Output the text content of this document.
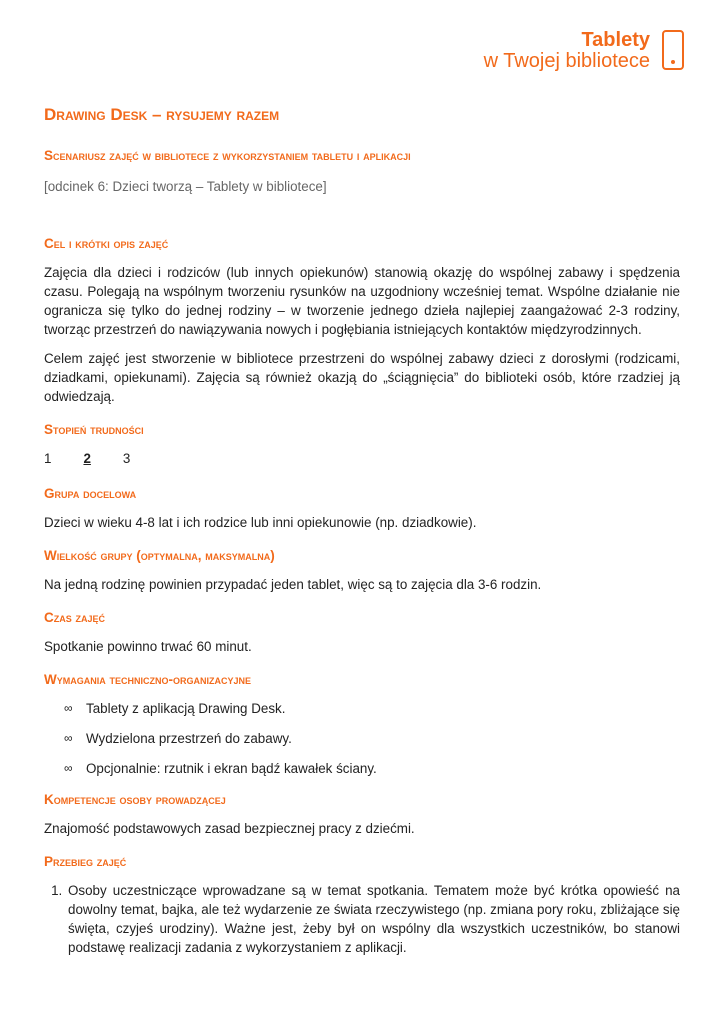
Tablety
w Twojej bibliotece
Drawing Desk – rysujemy razem
Scenariusz zajęć w bibliotece z wykorzystaniem tabletu i aplikacji
[odcinek 6: Dzieci tworzą – Tablety w bibliotece]
Cel i krótki opis zajęć

Zajęcia dla dzieci i rodziców (lub innych opiekunów) stanowią okazję do wspólnej zabawy i spędzenia czasu. Polegają na wspólnym tworzeniu rysunków na uzgodniony wcześniej temat. Wspólne działanie nie ogranicza się tylko do jednej rodziny – w tworzenie jednego dzieła najlepiej zaangażować 2-3 rodziny, tworząc przestrzeń do nawiązywania nowych i pogłębiania istniejących kontaktów międzyrodzinnych.

Celem zajęć jest stworzenie w bibliotece przestrzeni do wspólnej zabawy dzieci z dorosłymi (rodzicami, dziadkami, opiekunami). Zajęcia są również okazją do „ściągnięcia” do biblioteki osób, które rzadziej ją odwiedzają.

Stopień trudności
1 2 3
Grupa docelowa

Dzieci w wieku 4-8 lat i ich rodzice lub inni opiekunowie (np. dziadkowie).

Wielkość grupy (optymalna, maksymalna)

Na jedną rodzinę powinien przypadać jeden tablet, więc są to zajęcia dla 3-6 rodzin.

Czas zajęć

Spotkanie powinno trwać 60 minut.

Wymagania techniczno-organizacyjne
∞	Tablety z aplikacją Drawing Desk.
∞	Wydzielona przestrzeń do zabawy.
∞	Opcjonalnie: rzutnik i ekran bądź kawałek ściany.
Kompetencje osoby prowadzącej

Znajomość podstawowych zasad bezpiecznej pracy z dziećmi.

Przebieg zajęć
1. Osoby uczestniczące wprowadzane są w temat spotkania. Tematem może być krótka opowieść na dowolny temat, bajka, ale też wydarzenie ze świata rzeczywistego (np. zmiana pory roku, zbliżające się święta, czyjeś urodziny). Ważne jest, żeby był on wspólny dla wszystkich uczestników, bo stanowi podstawę realizacji zadania z wykorzystaniem z aplikacji.
